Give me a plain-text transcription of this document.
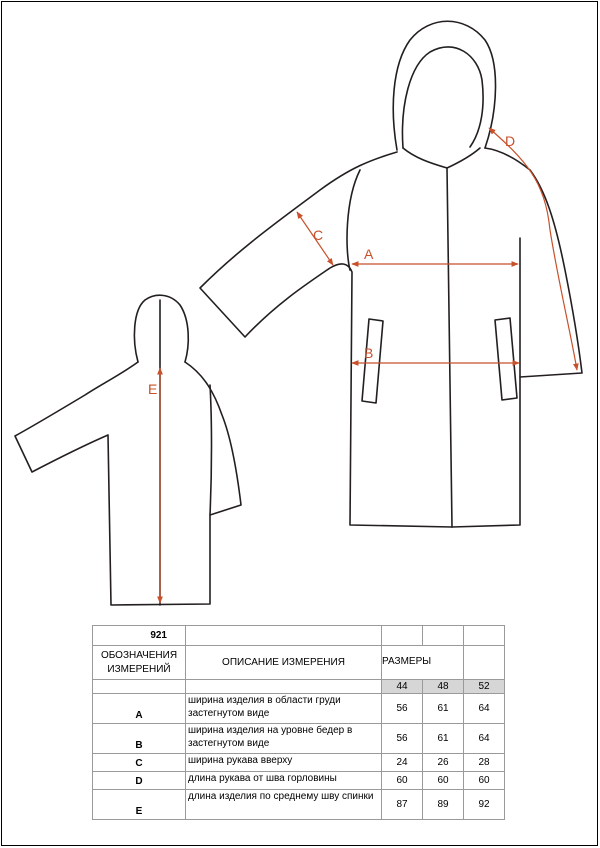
A
B
C
D
E
921				
ОБОЗНАЧЕНИЯ ИЗМЕРЕНИЙ	ОПИСАНИЕ ИЗМЕРЕНИЯ	РАЗМЕРЫ		
		44	48	52
A	ширина изделия в области груди застегнутом виде	56	61	64
B	ширина изделия на уровне бедер в застегнутом виде	56	61	64
C	ширина рукава вверху	24	26	28
D	длина рукава от шва горловины	60	60	60
E	длина изделия по среднему шву спинки	87	89	92
